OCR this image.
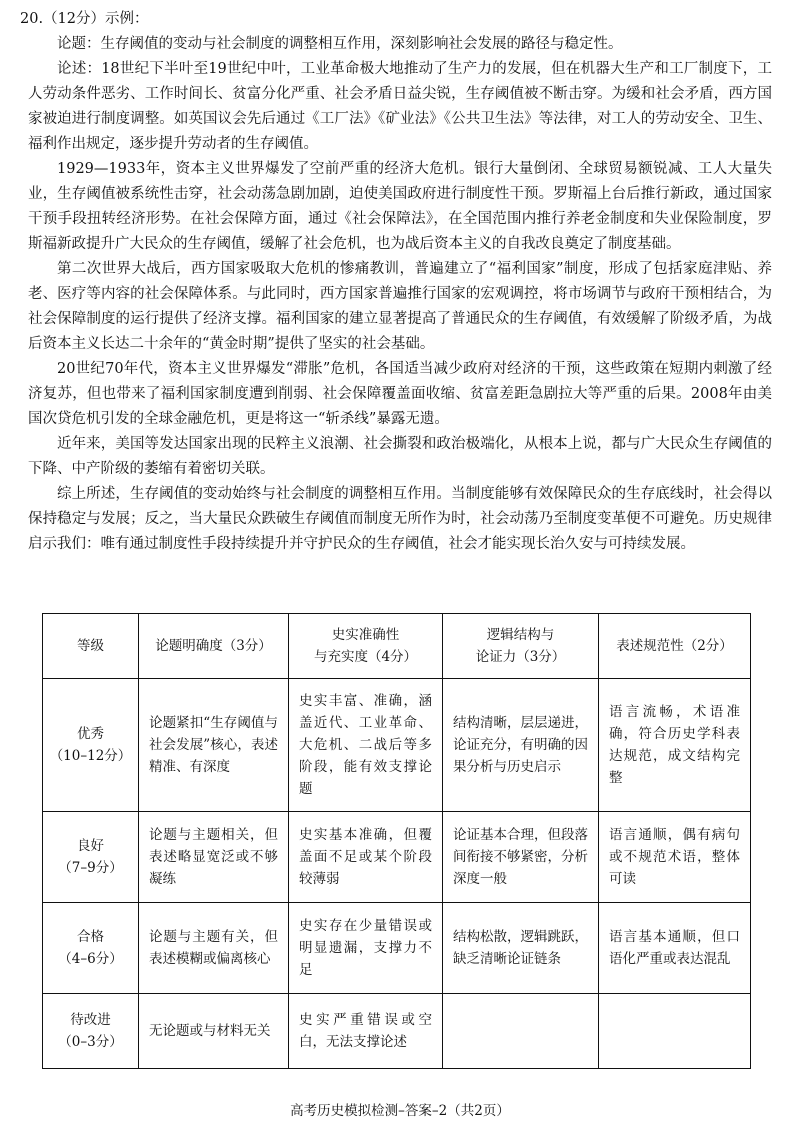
20.（12分）示例：

论题：生存阈值的变动与社会制度的调整相互作用，深刻影响社会发展的路径与稳定性。

论述：18世纪下半叶至19世纪中叶，工业革命极大地推动了生产力的发展，但在机器大生产和工厂制度下，工人劳动条件恶劣、工作时间长、贫富分化严重、社会矛盾日益尖锐，生存阈值被不断击穿。为缓和社会矛盾，西方国家被迫进行制度调整。如英国议会先后通过《工厂法》《矿业法》《公共卫生法》等法律，对工人的劳动安全、卫生、福利作出规定，逐步提升劳动者的生存阈值。

1929—1933年，资本主义世界爆发了空前严重的经济大危机。银行大量倒闭、全球贸易额锐减、工人大量失业，生存阈值被系统性击穿，社会动荡急剧加剧，迫使美国政府进行制度性干预。罗斯福上台后推行新政，通过国家干预手段扭转经济形势。在社会保障方面，通过《社会保障法》，在全国范围内推行养老金制度和失业保险制度，罗斯福新政提升广大民众的生存阈值，缓解了社会危机，也为战后资本主义的自我改良奠定了制度基础。

第二次世界大战后，西方国家吸取大危机的惨痛教训，普遍建立了“福利国家”制度，形成了包括家庭津贴、养老、医疗等内容的社会保障体系。与此同时，西方国家普遍推行国家的宏观调控，将市场调节与政府干预相结合，为社会保障制度的运行提供了经济支撑。福利国家的建立显著提高了普通民众的生存阈值，有效缓解了阶级矛盾，为战后资本主义长达二十余年的“黄金时期”提供了坚实的社会基础。

20世纪70年代，资本主义世界爆发“滞胀”危机，各国适当减少政府对经济的干预，这些政策在短期内刺激了经济复苏，但也带来了福利国家制度遭到削弱、社会保障覆盖面收缩、贫富差距急剧拉大等严重的后果。2008年由美国次贷危机引发的全球金融危机，更是将这一“斩杀线”暴露无遗。

近年来，美国等发达国家出现的民粹主义浪潮、社会撕裂和政治极端化，从根本上说，都与广大民众生存阈值的下降、中产阶级的萎缩有着密切关联。

综上所述，生存阈值的变动始终与社会制度的调整相互作用。当制度能够有效保障民众的生存底线时，社会得以保持稳定与发展；反之，当大量民众跌破生存阈值而制度无所作为时，社会动荡乃至制度变革便不可避免。历史规律启示我们：唯有通过制度性手段持续提升并守护民众的生存阈值，社会才能实现长治久安与可持续发展。

等级	论题明确度（3分）	史实准确性
与充实度（4分）	逻辑结构与
论证力（3分）	表述规范性（2分）
优秀
（10–12分）	论题紧扣“生存阈值与社会发展”核心，表述精准、有深度	史实丰富、准确，涵盖近代、工业革命、大危机、二战后等多阶段，能有效支撑论题	结构清晰，层层递进，论证充分，有明确的因果分析与历史启示	语言流畅，术语准确，符合历史学科表达规范，成文结构完整
良好
（7–9分）	论题与主题相关，但表述略显宽泛或不够凝练	史实基本准确，但覆盖面不足或某个阶段较薄弱	论证基本合理，但段落间衔接不够紧密，分析深度一般	语言通顺，偶有病句或不规范术语，整体可读
合格
（4–6分）	论题与主题有关，但表述模糊或偏离核心	史实存在少量错误或明显遗漏，支撑力不足	结构松散，逻辑跳跃，缺乏清晰论证链条	语言基本通顺，但口语化严重或表达混乱
待改进
（0–3分）	无论题或与材料无关	史实严重错误或空白，无法支撑论述		
高考历史模拟检测–答案–2（共2页）
